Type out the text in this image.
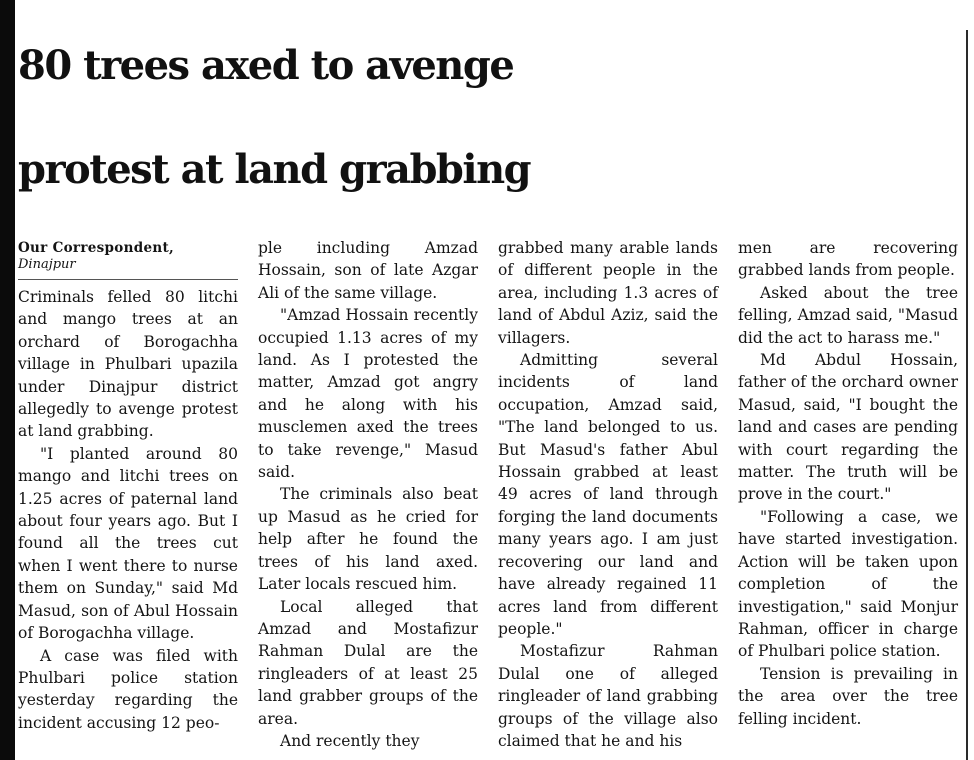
80 trees axed to avenge
protest at land grabbing
Our Correspondent,
Dinajpur

Criminals felled 80 litchi and mango trees at an orchard of Borogachha village in Phulbari upazila under Dinajpur district allegedly to avenge protest at land grabbing.

"I planted around 80 mango and litchi trees on 1.25 acres of paternal land about four years ago. But I found all the trees cut when I went there to nurse them on Sunday," said Md Masud, son of Abul Hossain of Borogachha village.

A case was filed with Phulbari police station yesterday regarding the incident accusing 12 peo-

ple including Amzad Hossain, son of late Azgar Ali of the same village.

"Amzad Hossain recently occupied 1.13 acres of my land. As I protested the matter, Amzad got angry and he along with his musclemen axed the trees to take revenge," Masud said.

The criminals also beat up Masud as he cried for help after he found the trees of his land axed. Later locals rescued him.

Local alleged that Amzad and Mostafizur Rahman Dulal are the ringleaders of at least 25 land grabber groups of the area.

And recently they

grabbed many arable lands of different people in the area, including 1.3 acres of land of Abdul Aziz, said the villagers.

Admitting several incidents of land occupation, Amzad said, "The land belonged to us. But Masud's father Abul Hossain grabbed at least 49 acres of land through forging the land documents many years ago. I am just recovering our land and have already regained 11 acres land from different people."

Mostafizur Rahman Dulal one of alleged ringleader of land grabbing groups of the village also claimed that he and his

men are recovering grabbed lands from people.

Asked about the tree felling, Amzad said, "Masud did the act to harass me."

Md Abdul Hossain, father of the orchard owner Masud, said, "I bought the land and cases are pending with court regarding the matter. The truth will be prove in the court."

"Following a case, we have started investigation. Action will be taken upon completion of the investigation," said Monjur Rahman, officer in charge of Phulbari police station.

Tension is prevailing in the area over the tree felling incident.
